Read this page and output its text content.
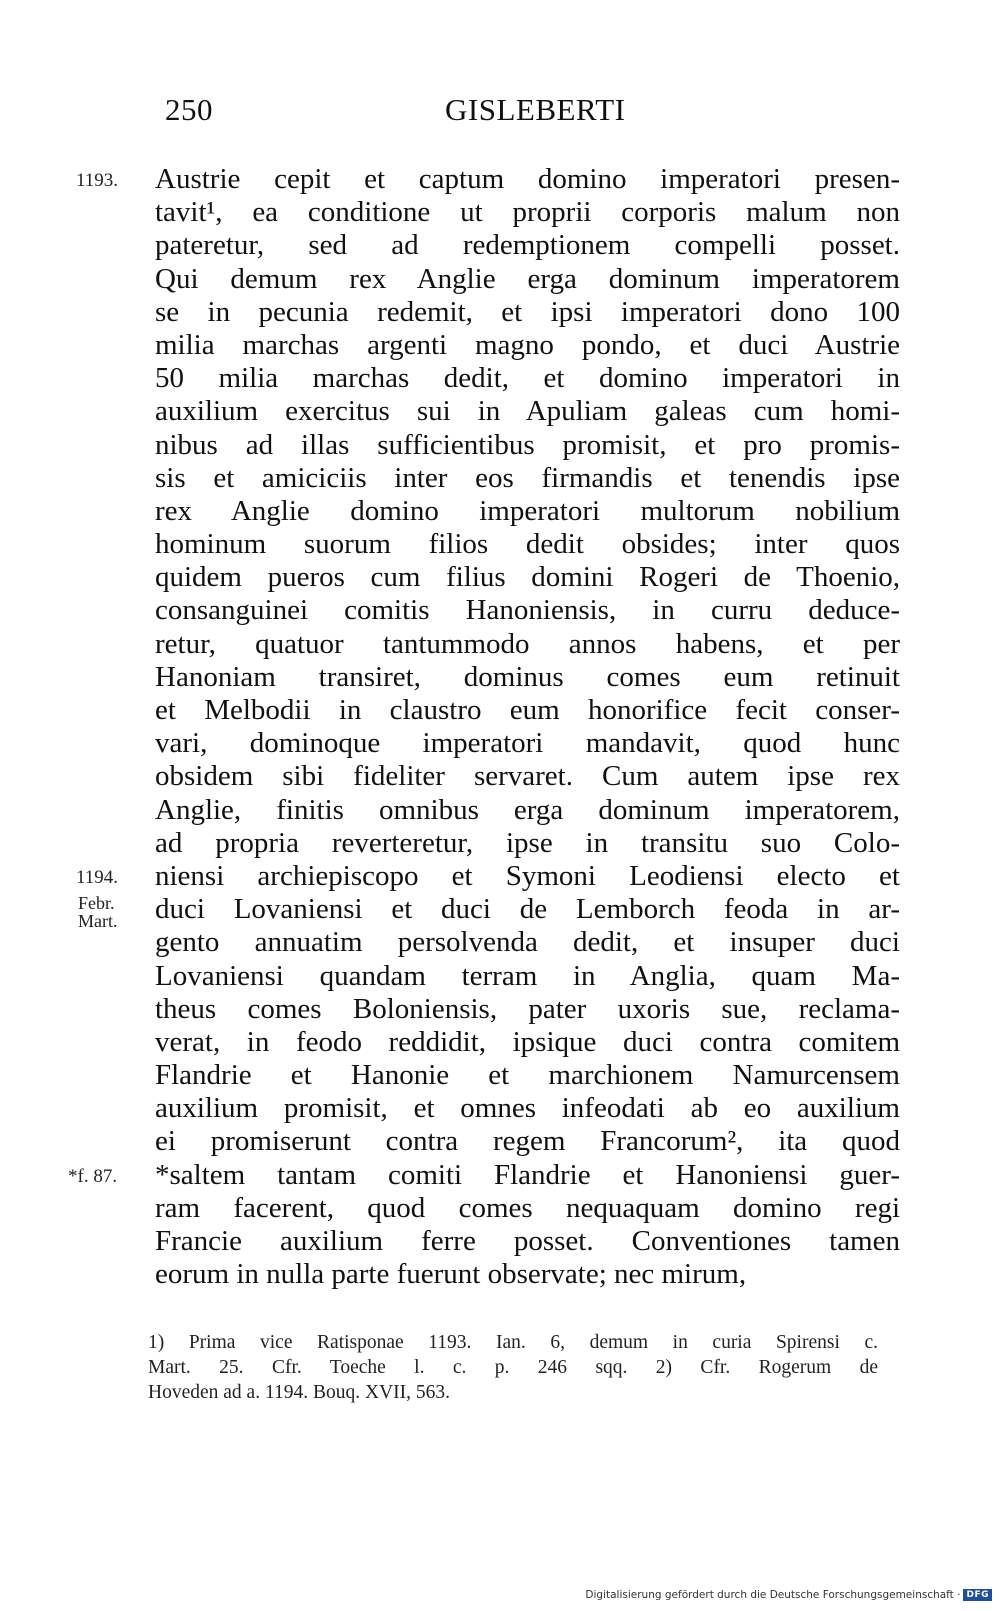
250	GISLEBERTI
1193.
1194.
Febr.
Mart.
*f. 87.
Austrie cepit et captum domino imperatori presen-
tavit¹, ea conditione ut proprii corporis malum non
pateretur, sed ad redemptionem compelli posset.
Qui demum rex Anglie erga dominum imperatorem
se in pecunia redemit, et ipsi imperatori dono 100
milia marchas argenti magno pondo, et duci Austrie
50 milia marchas dedit, et domino imperatori in
auxilium exercitus sui in Apuliam galeas cum homi-
nibus ad illas sufficientibus promisit, et pro promis-
sis et amiciciis inter eos firmandis et tenendis ipse
rex Anglie domino imperatori multorum nobilium
hominum suorum filios dedit obsides; inter quos
quidem pueros cum filius domini Rogeri de Thoenio,
consanguinei comitis Hanoniensis, in curru deduce-
retur, quatuor tantummodo annos habens, et per
Hanoniam transiret, dominus comes eum retinuit
et Melbodii in claustro eum honorifice fecit conser-
vari, dominoque imperatori mandavit, quod hunc
obsidem sibi fideliter servaret. Cum autem ipse rex
Anglie, finitis omnibus erga dominum imperatorem,
ad propria reverteretur, ipse in transitu suo Colo-
niensi archiepiscopo et Symoni Leodiensi electo et
duci Lovaniensi et duci de Lemborch feoda in ar-
gento annuatim persolvenda dedit, et insuper duci
Lovaniensi quandam terram in Anglia, quam Ma-
theus comes Boloniensis, pater uxoris sue, reclama-
verat, in feodo reddidit, ipsique duci contra comitem
Flandrie et Hanonie et marchionem Namurcensem
auxilium promisit, et omnes infeodati ab eo auxilium
ei promiserunt contra regem Francorum², ita quod
*saltem tantam comiti Flandrie et Hanoniensi guer-
ram facerent, quod comes nequaquam domino regi
Francie auxilium ferre posset. Conventiones tamen
eorum in nulla parte fuerunt observate; nec mirum,
1) Prima vice Ratisponae 1193. Ian. 6, demum in curia Spirensi c.
Mart. 25. Cfr. Toeche l. c. p. 246 sqq. 2) Cfr. Rogerum de
Hoveden ad a. 1194. Bouq. XVII, 563.
Digitalisierung gefördert durch die Deutsche Forschungsgemeinschaft · DFG
